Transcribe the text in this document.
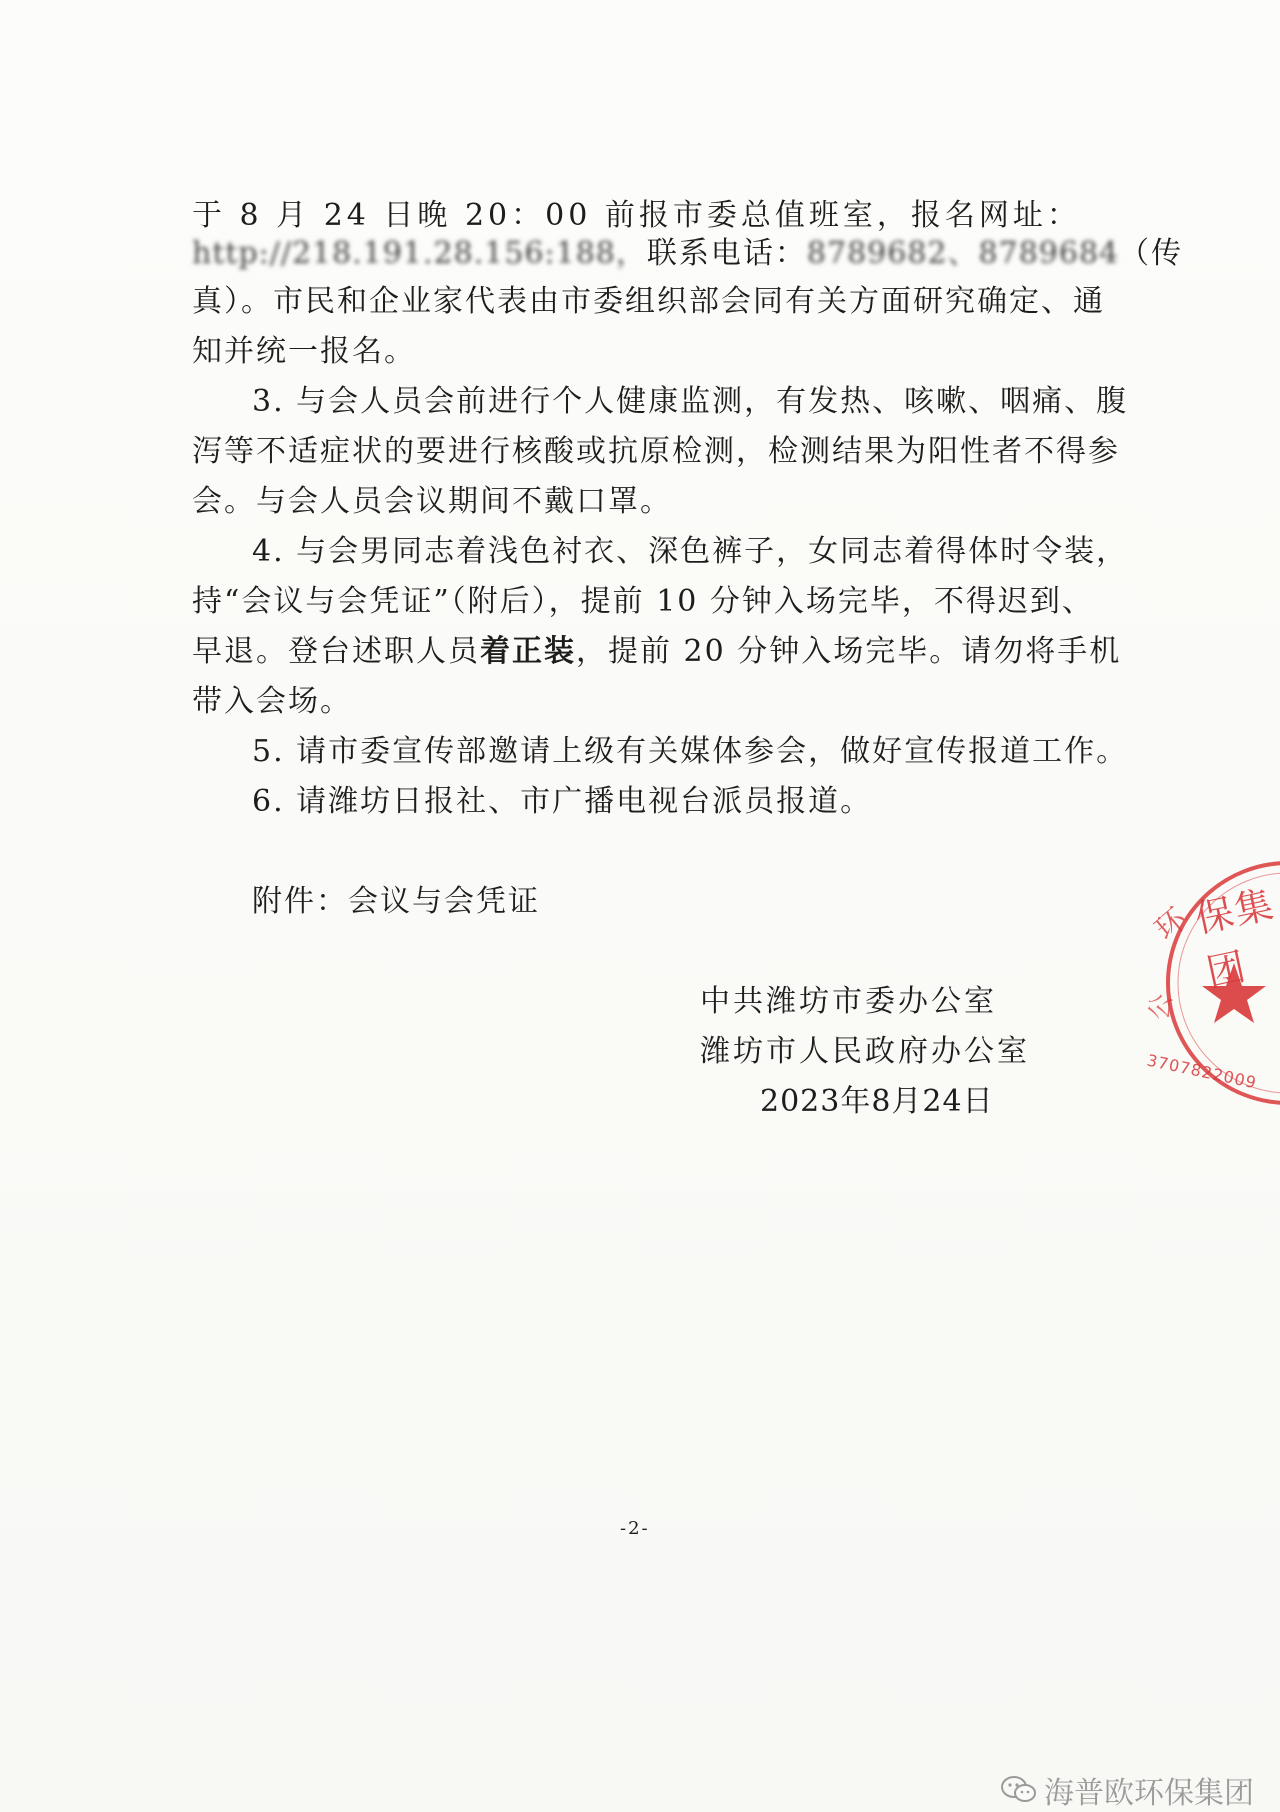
于 8 月 24 日晚 20：00 前报市委总值班室，报名网址：
http://218.191.28.156:188，联系电话：8789682、8789684（传
真）。市民和企业家代表由市委组织部会同有关方面研究确定、通
知并统一报名。
3. 与会人员会前进行个人健康监测，有发热、咳嗽、咽痛、腹
泻等不适症状的要进行核酸或抗原检测，检测结果为阳性者不得参
会。与会人员会议期间不戴口罩。
4. 与会男同志着浅色衬衣、深色裤子，女同志着得体时令装，
持“会议与会凭证”（附后），提前 10 分钟入场完毕，不得迟到、
早退。登台述职人员着正装，提前 20 分钟入场完毕。请勿将手机
带入会场。
5. 请市委宣传部邀请上级有关媒体参会，做好宣传报道工作。
6. 请潍坊日报社、市广播电视台派员报道。
附件：会议与会凭证
中共潍坊市委办公室
潍坊市人民政府办公室
2023年8月24日
-2-
保集团
环
公
3707822009
海普欧环保集团
